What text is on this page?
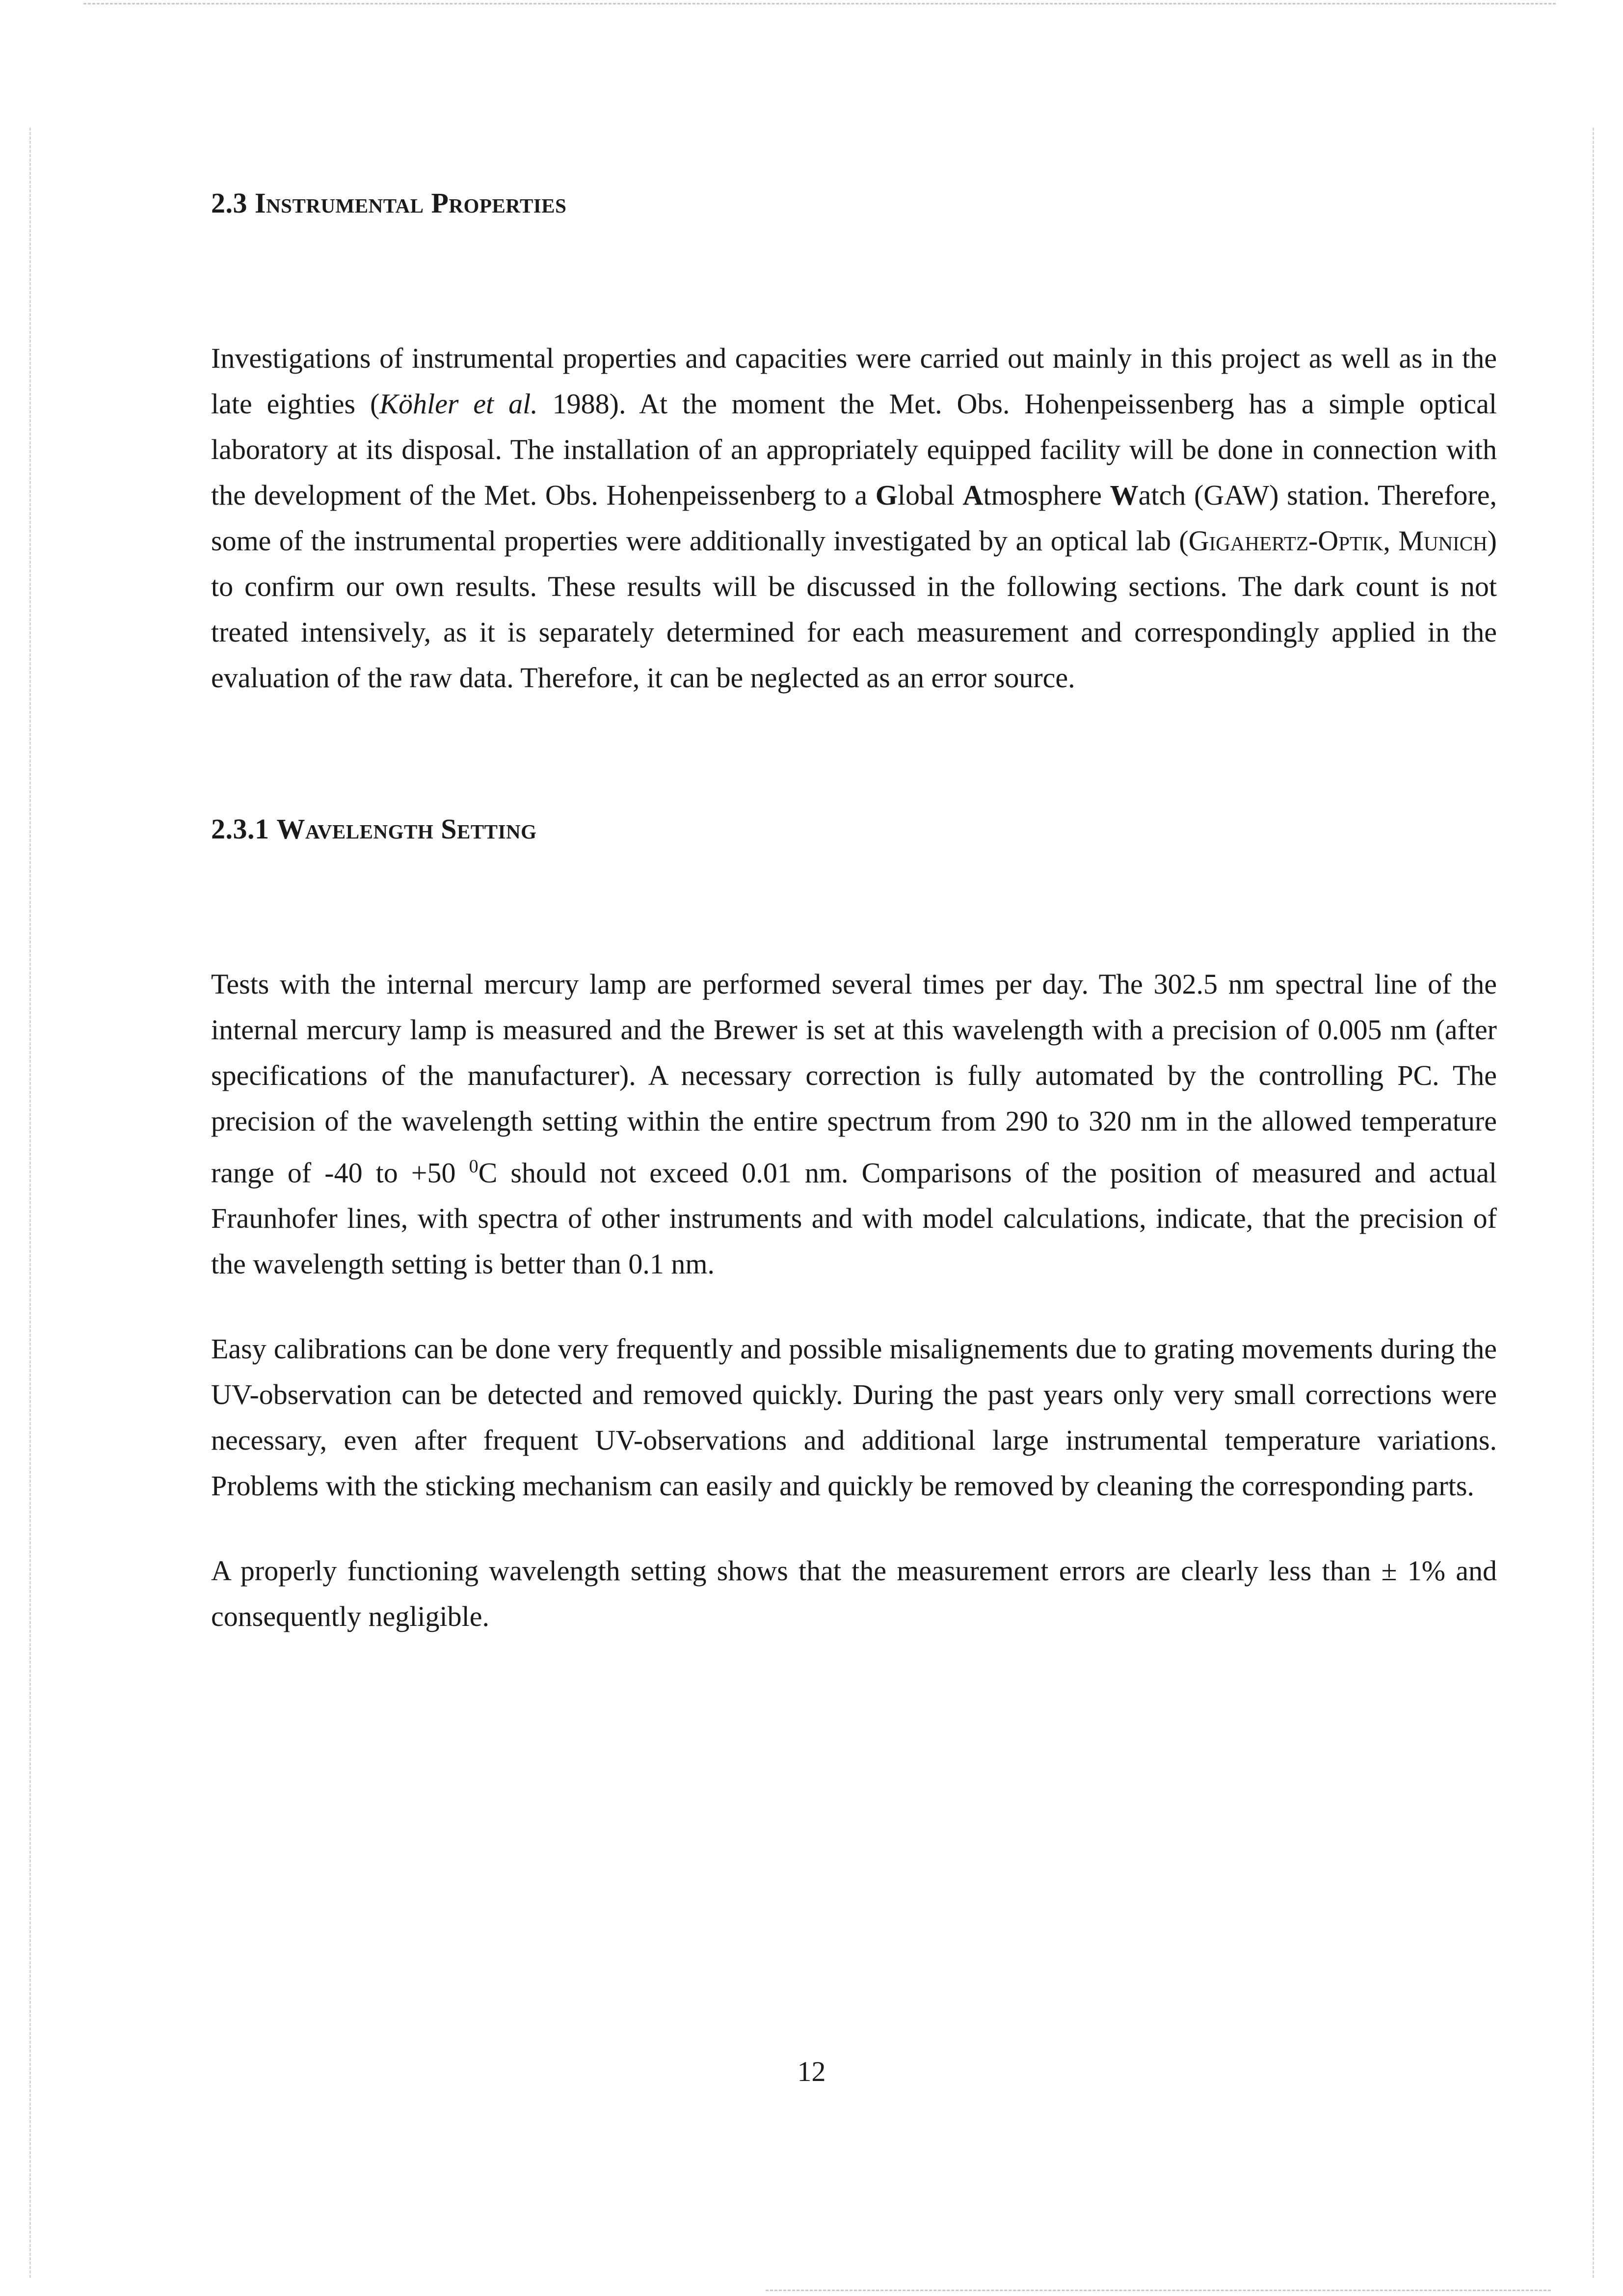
2.3 Instrumental Properties

Investigations of instrumental properties and capacities were carried out mainly in this project as well as in the late eighties (Köhler et al. 1988). At the moment the Met. Obs. Hohenpeissenberg has a simple optical laboratory at its disposal. The installation of an appropriately equipped facility will be done in connection with the development of the Met. Obs. Hohenpeissenberg to a Global Atmosphere Watch (GAW) station. Therefore, some of the instrumental properties were additionally investigated by an optical lab (Gigahertz-Optik, Munich) to confirm our own results. These results will be discussed in the following sections. The dark count is not treated intensively, as it is separately determined for each measurement and correspondingly applied in the evaluation of the raw data. Therefore, it can be neglected as an error source.

2.3.1 Wavelength Setting

Tests with the internal mercury lamp are performed several times per day. The 302.5 nm spectral line of the internal mercury lamp is measured and the Brewer is set at this wavelength with a precision of 0.005 nm (after specifications of the manufacturer). A necessary correction is fully automated by the controlling PC. The precision of the wavelength setting within the entire spectrum from 290 to 320 nm in the allowed temperature range of -40 to +50 $^0$C should not exceed 0.01 nm. Comparisons of the position of measured and actual Fraunhofer lines, with spectra of other instruments and with model calculations, indicate, that the precision of the wavelength setting is better than 0.1 nm.

Easy calibrations can be done very frequently and possible misalignements due to grating movements during the UV-observation can be detected and removed quickly. During the past years only very small corrections were necessary, even after frequent UV-observations and additional large instrumental temperature variations. Problems with the sticking mechanism can easily and quickly be removed by cleaning the corresponding parts.

A properly functioning wavelength setting shows that the measurement errors are clearly less than ± 1% and consequently negligible.

12
